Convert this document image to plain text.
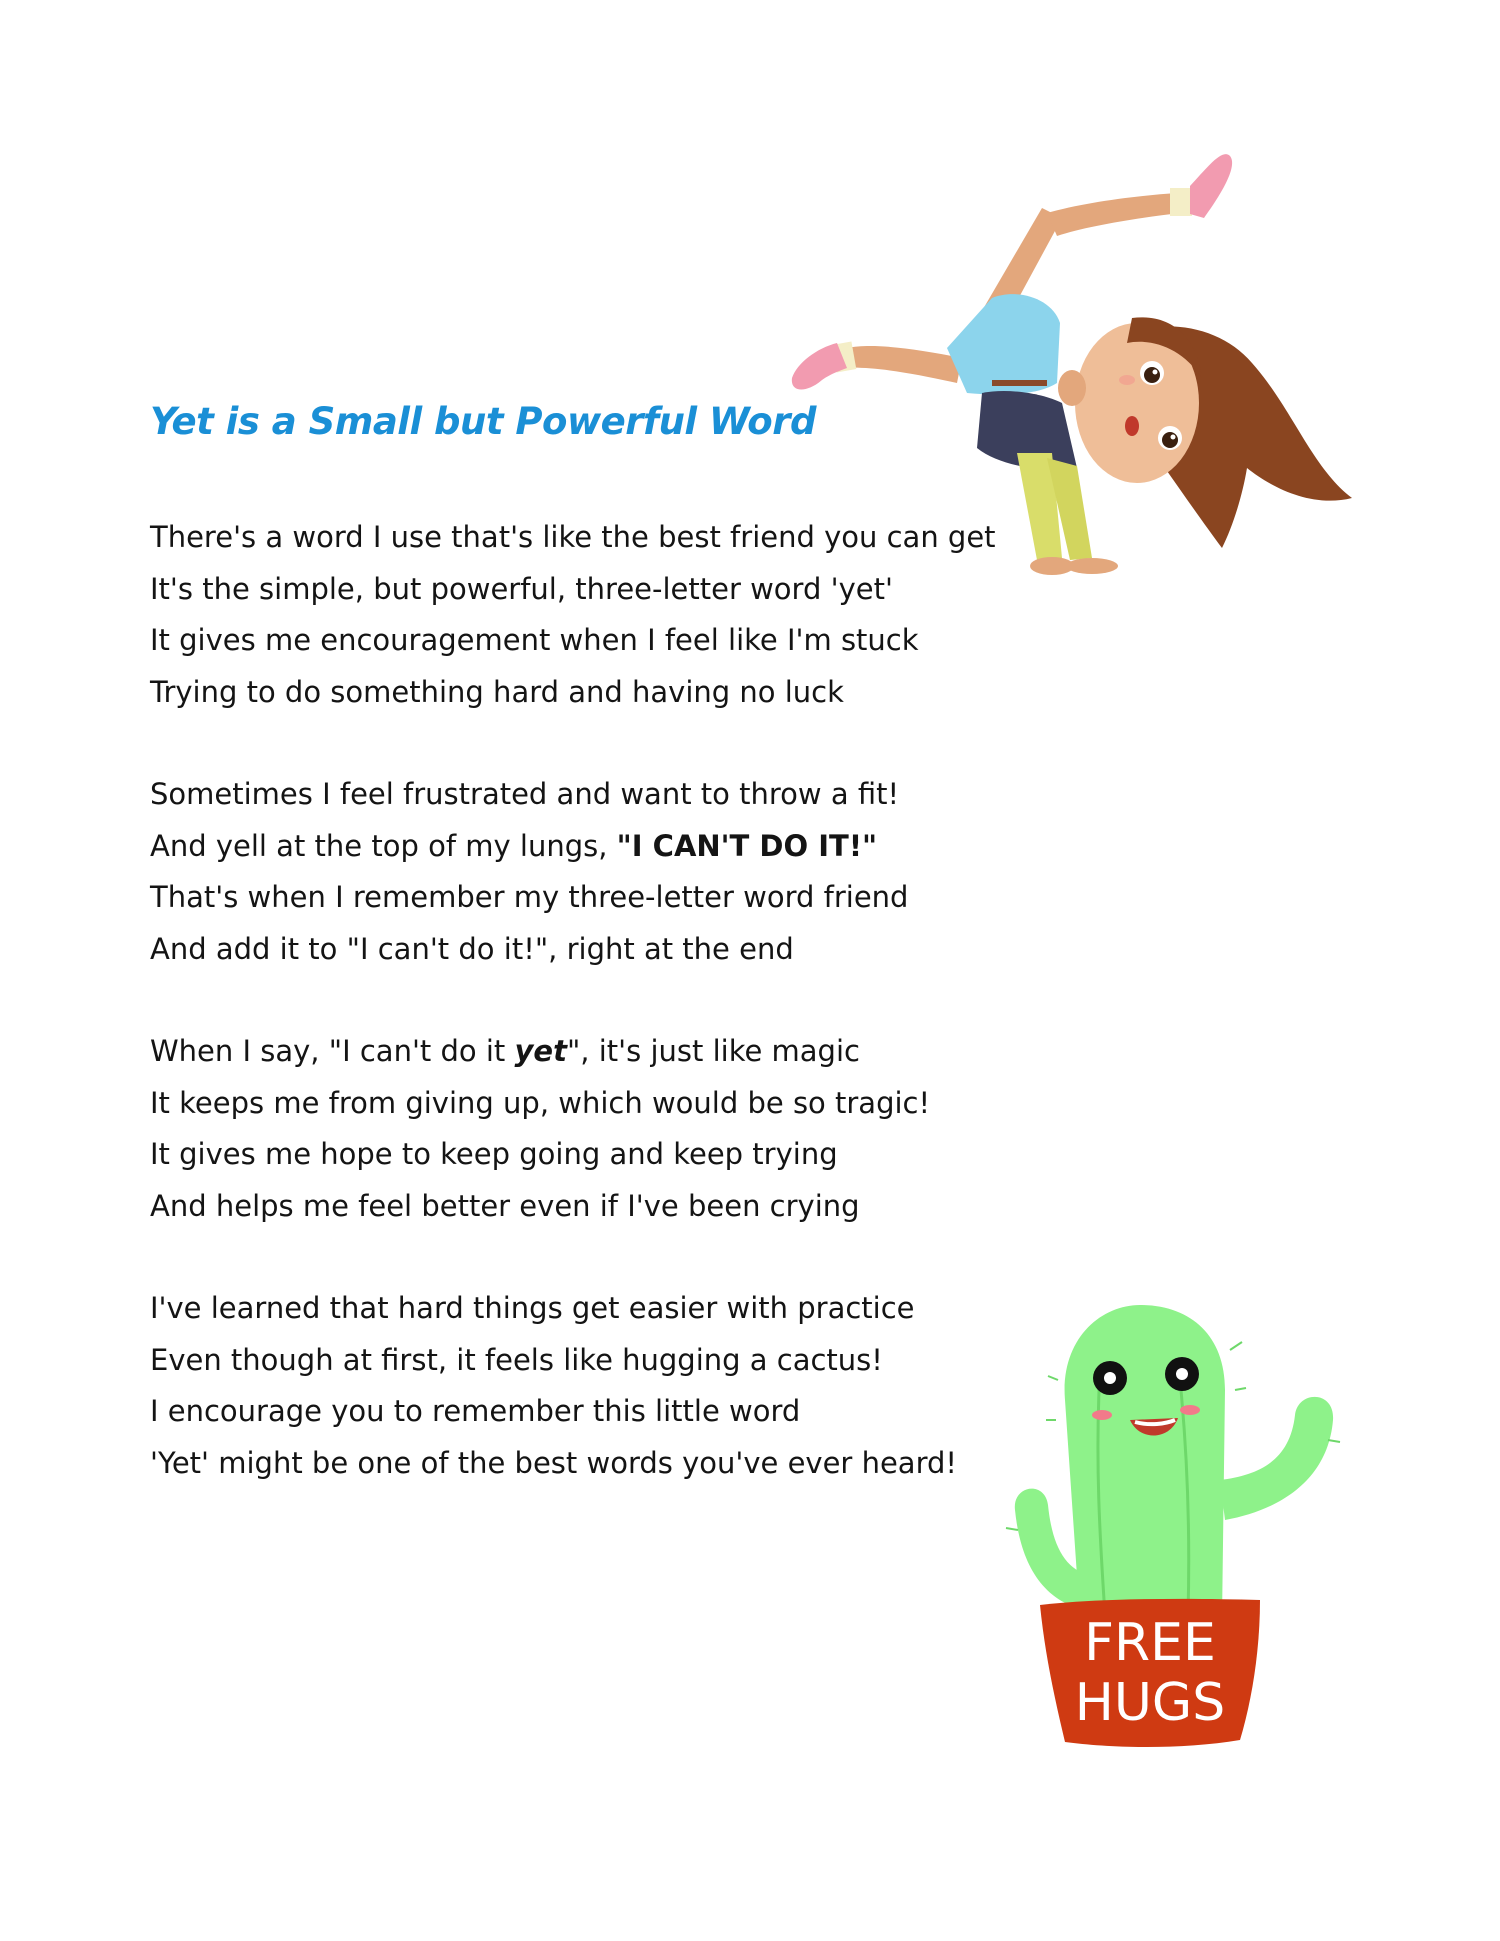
Yet is a Small but Powerful Word
There's a word I use that's like the best friend you can get
It's the simple, but powerful, three-letter word 'yet'
It gives me encouragement when I feel like I'm stuck
Trying to do something hard and having no luck
Sometimes I feel frustrated and want to throw a fit!
And yell at the top of my lungs, "I CAN'T DO IT!"
That's when I remember my three-letter word friend
And add it to "I can't do it!", right at the end
When I say, "I can't do it yet", it's just like magic
It keeps me from giving up, which would be so tragic!
It gives me hope to keep going and keep trying
And helps me feel better even if I've been crying
I've learned that hard things get easier with practice
Even though at first, it feels like hugging a cactus!
I encourage you to remember this little word
'Yet' might be one of the best words you've ever heard!
FREE
HUGS
